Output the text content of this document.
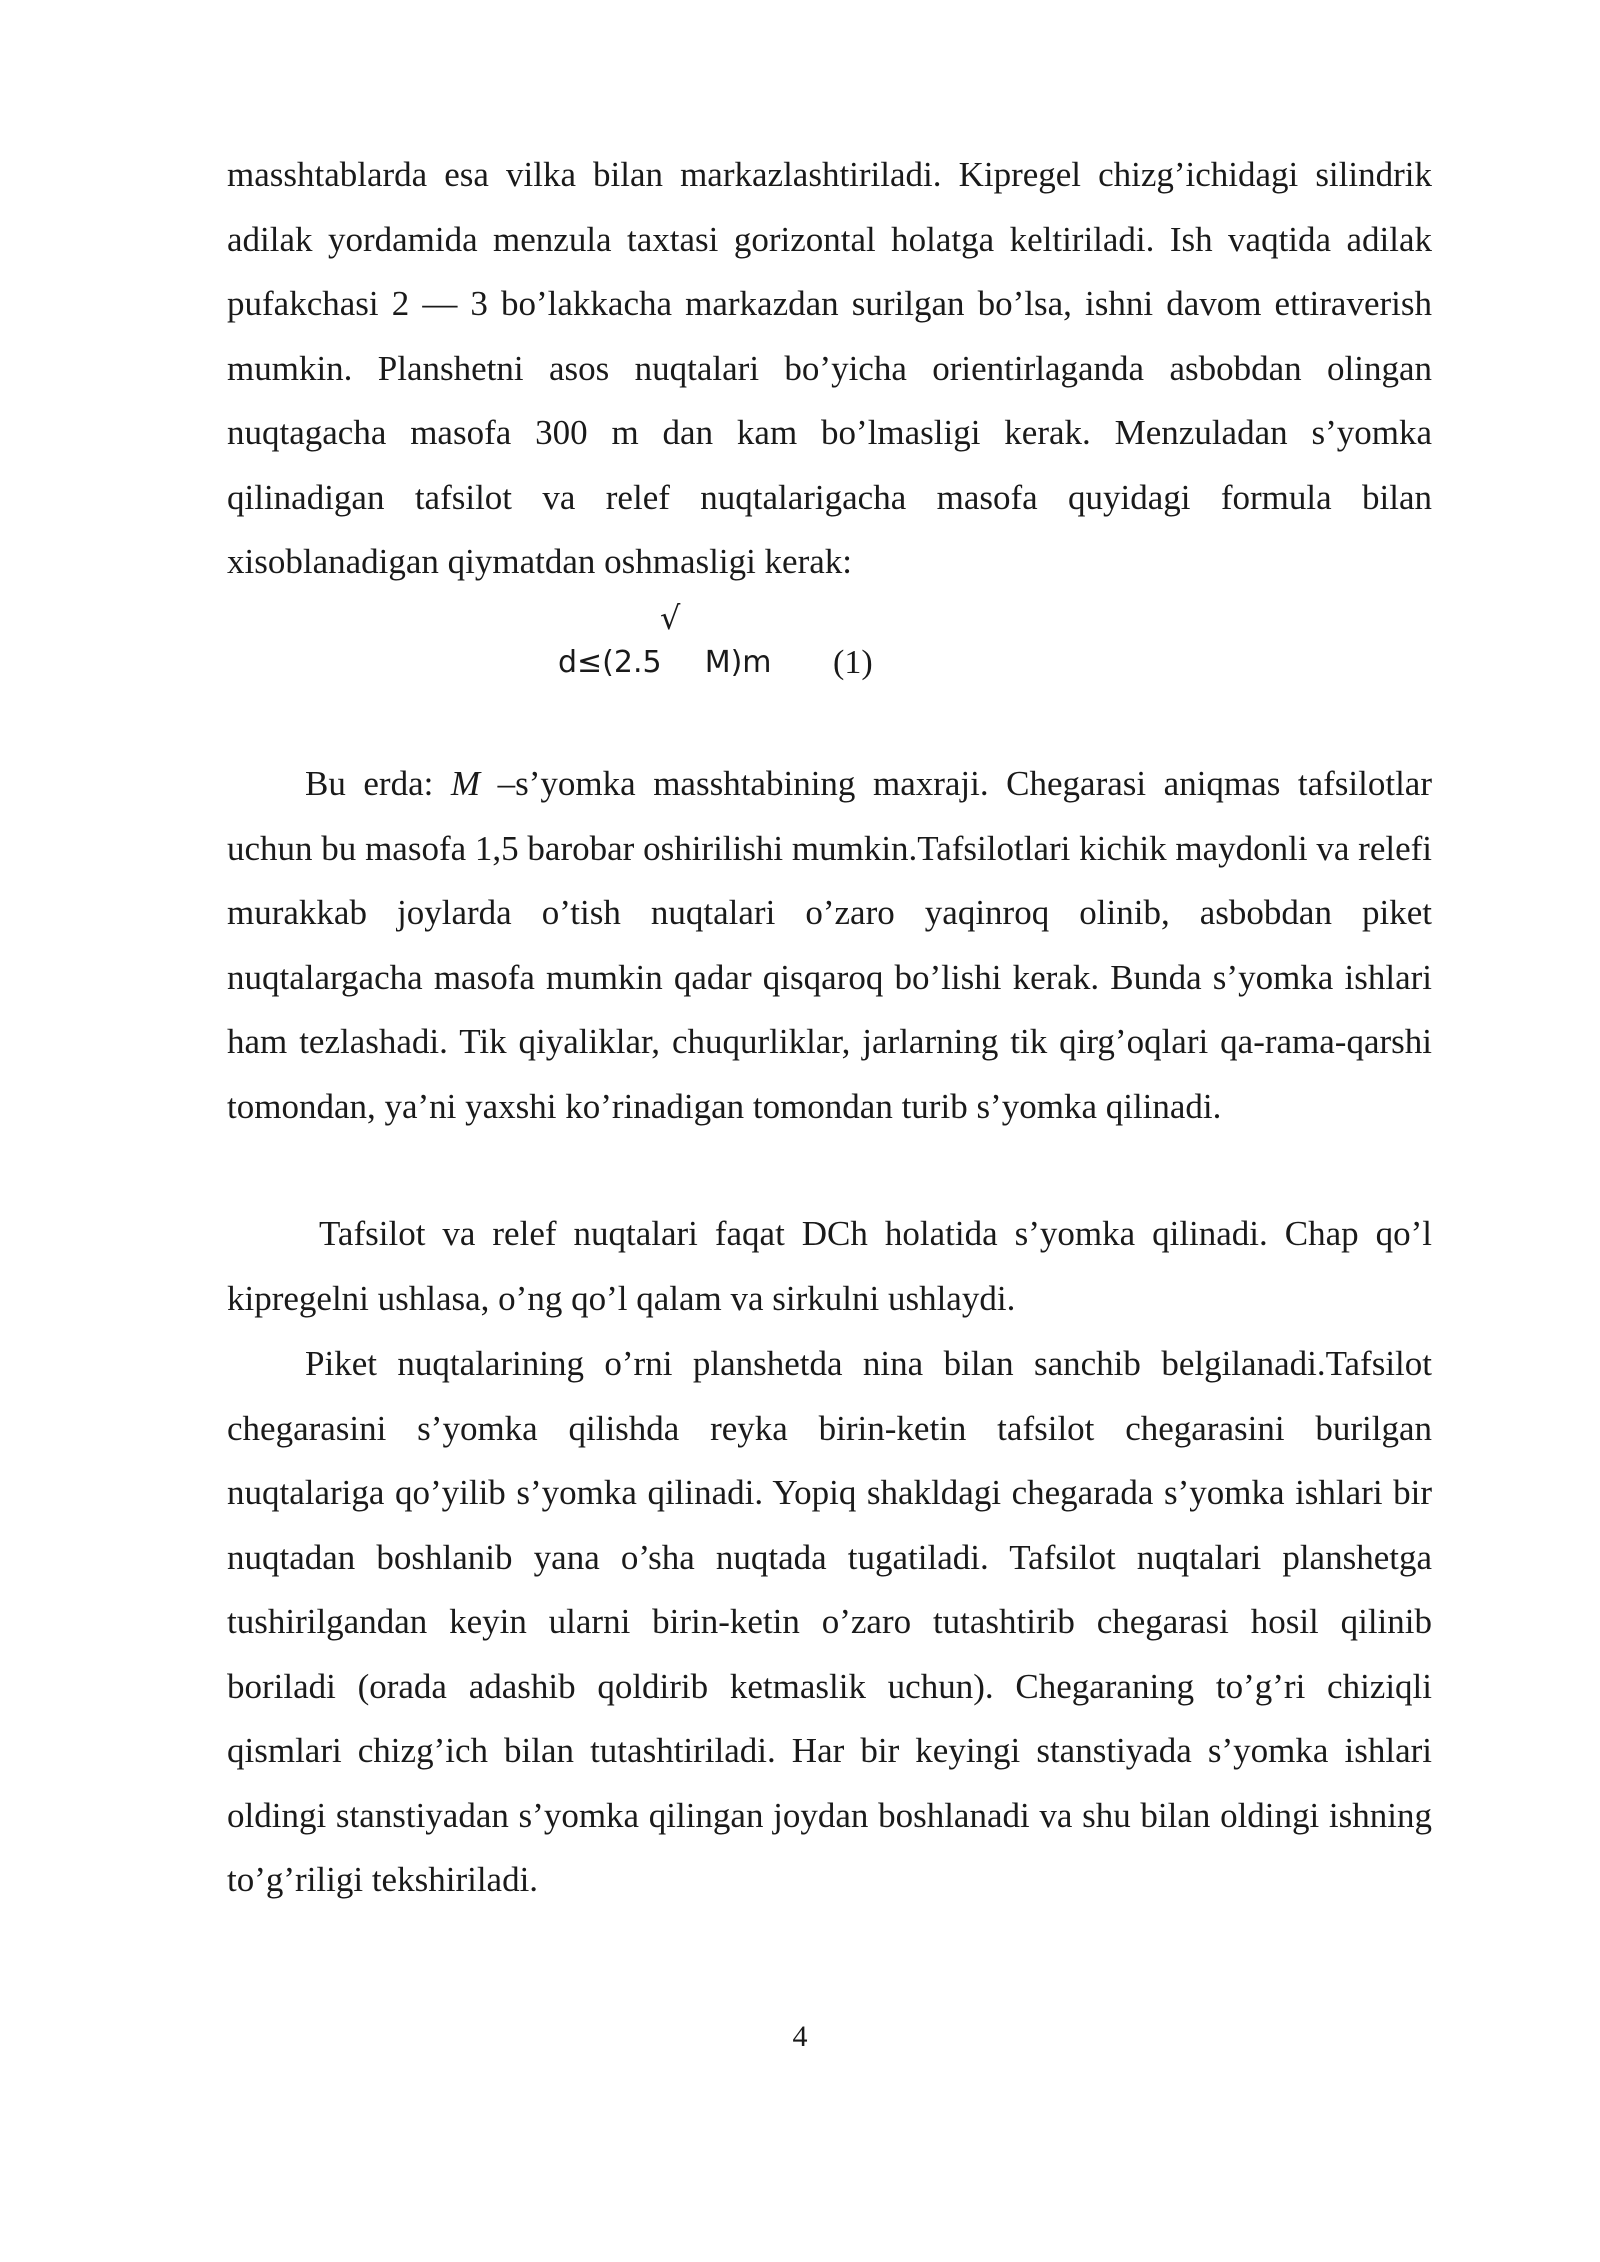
masshtablarda esa vilka bilan markazlashtiriladi. Kipregel chizg’ichidagi silindrik adilak yordamida menzula taxtasi gorizontal holatga keltiriladi. Ish vaqtida adilak pufakchasi 2 — 3 bo’lakkacha markazdan surilgan bo’lsa, ishni davom ettiraverish mumkin. Planshetni asos nuqtalari bo’yicha orientirlaganda asbobdan olingan nuqtagacha masofa 300 m dan kam bo’lmasligi kerak. Menzuladan s’yomka qilinadigan tafsilot va relef nuqtalarigacha masofa quyidagi formula bilan xisoblanadigan qiymatdan oshmasligi kerak:

d≤(2.5
√
M)m (1)

Bu erda: M –s’yomka masshtabining maxraji. Chegarasi aniqmas tafsilotlar uchun bu masofa 1,5 barobar oshirilishi mumkin.Tafsilotlari kichik maydonli va relefi murakkab joylarda o’tish nuqtalari o’zaro yaqinroq olinib, asbobdan piket nuqtalargacha masofa mumkin qadar qisqaroq bo’lishi kerak. Bunda s’yomka ishlari ham tezlashadi. Tik qiyaliklar, chuqurliklar, jarlarning tik qirg’oqlari qa-rama-qarshi tomondan, ya’ni yaxshi ko’rinadigan tomondan turib s’yomka qilinadi.

Tafsilot va relef nuqtalari faqat DCh holatida s’yomka qilinadi. Chap qo’l kipregelni ushlasa, o’ng qo’l qalam va sirkulni ushlaydi.

Piket nuqtalarining o’rni planshetda nina bilan sanchib belgilanadi.Tafsilot chegarasini s’yomka qilishda reyka birin-ketin tafsilot chegarasini burilgan nuqtalariga qo’yilib s’yomka qilinadi. Yopiq shakldagi chegarada s’yomka ishlari bir nuqtadan boshlanib yana o’sha nuqtada tugatiladi. Tafsilot nuqtalari planshetga tushirilgandan keyin ularni birin-ketin o’zaro tutashtirib chegarasi hosil qilinib boriladi (orada adashib qoldirib ketmaslik uchun). Chegaraning to’g’ri chiziqli qismlari chizg’ich bilan tutashtiriladi. Har bir keyingi stanstiyada s’yomka ishlari oldingi stanstiyadan s’yomka qilingan joydan boshlanadi va shu bilan oldingi ishning to’g’riligi tekshiriladi.

4
